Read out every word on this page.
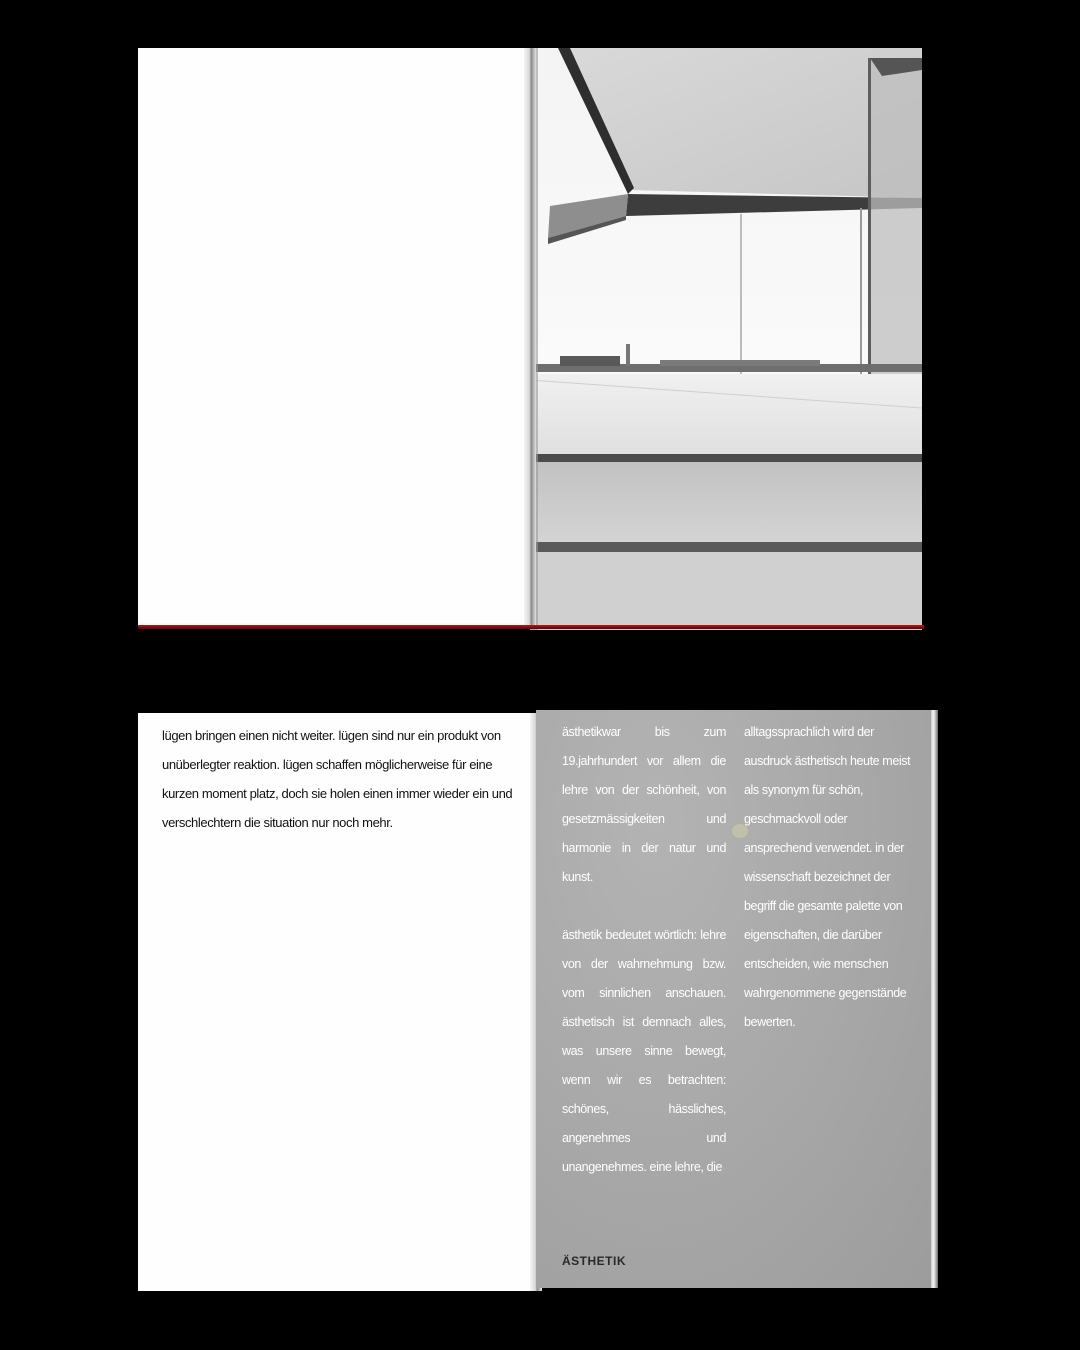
lügen bringen einen nicht weiter. lügen sind nur ein produkt von unüberlegter reaktion. lügen schaffen möglicherweise für eine kurzen moment platz, doch sie holen einen immer wieder ein und verschlechtern die situation nur noch mehr.

ästhetikwar bis zum 19.jahrhundert vor allem die lehre von der schönheit, von gesetzmässigkeiten und harmonie in der natur und kunst.

ästhetik bedeutet wörtlich: lehre von der wahrnehmung bzw. vom sinnlichen anschauen. ästhetisch ist demnach alles, was unsere sinne bewegt, wenn wir es betrachten: schönes, hässliches, angenehmes und unangenehmes. eine lehre, die

alltagssprachlich wird der ausdruck ästhetisch heute meist als synonym für schön, geschmackvoll oder ansprechend verwendet. in der wissenschaft bezeichnet der begriff die gesamte palette von eigenschaften, die darüber entscheiden, wie menschen wahrgenommene gegenstände bewerten.

ÄSTHETIK
